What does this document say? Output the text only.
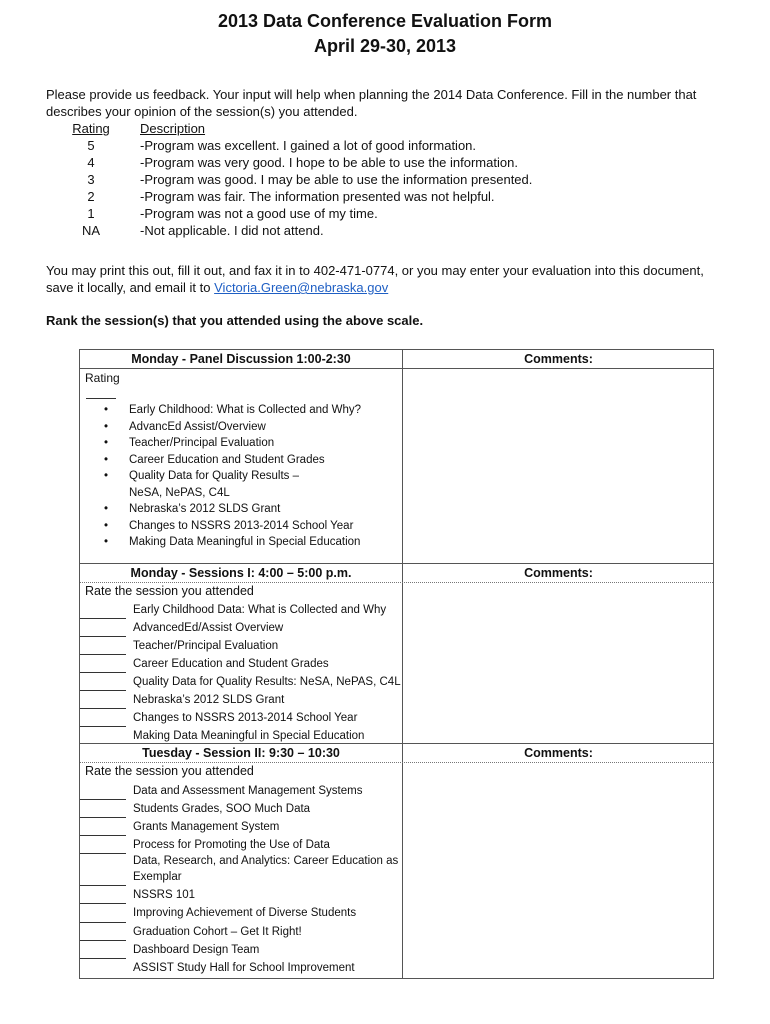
2013 Data Conference Evaluation Form
April 29-30, 2013

Please provide us feedback. Your input will help when planning the 2014 Data Conference. Fill in the number that

describes your opinion of the session(s) you attended.

Rating	Description
5	-Program was excellent. I gained a lot of good information.
4	-Program was very good. I hope to be able to use the information.
3	-Program was good. I may be able to use the information presented.
2	-Program was fair. The information presented was not helpful.
1	-Program was not a good use of my time.
NA	-Not applicable. I did not attend.
You may print this out, fill it out, and fax it in to 402-471-0774, or you may enter your evaluation into this document,
save it locally, and email it to Victoria.Green@nebraska.gov
Rank the session(s) that you attended using the above scale.
Monday - Panel Discussion 1:00-2:30	Comments:
Rating
• Early Childhood: What is Collected and Why?
• AdvancEd Assist/Overview
• Teacher/Principal Evaluation
• Career Education and Student Grades
• Quality Data for Quality Results –
NeSA, NePAS, C4L
• Nebraska’s 2012 SLDS Grant
• Changes to NSSRS 2013-2014 School Year
• Making Data Meaningful in Special Education
Monday - Sessions I: 4:00 – 5:00 p.m.	Comments:
Rate the session you attended
Early Childhood Data: What is Collected and Why
AdvancedEd/Assist Overview
Teacher/Principal Evaluation
Career Education and Student Grades
Quality Data for Quality Results: NeSA, NePAS, C4L
Nebraska’s 2012 SLDS Grant
Changes to NSSRS 2013-2014 School Year
Making Data Meaningful in Special Education
Tuesday - Session II: 9:30 – 10:30	Comments:
Rate the session you attended
Data and Assessment Management Systems
Students Grades, SOO Much Data
Grants Management System
Process for Promoting the Use of Data
Data, Research, and Analytics: Career Education as
Exemplar
NSSRS 101
Improving Achievement of Diverse Students
Graduation Cohort – Get It Right!
Dashboard Design Team
ASSIST Study Hall for School Improvement
